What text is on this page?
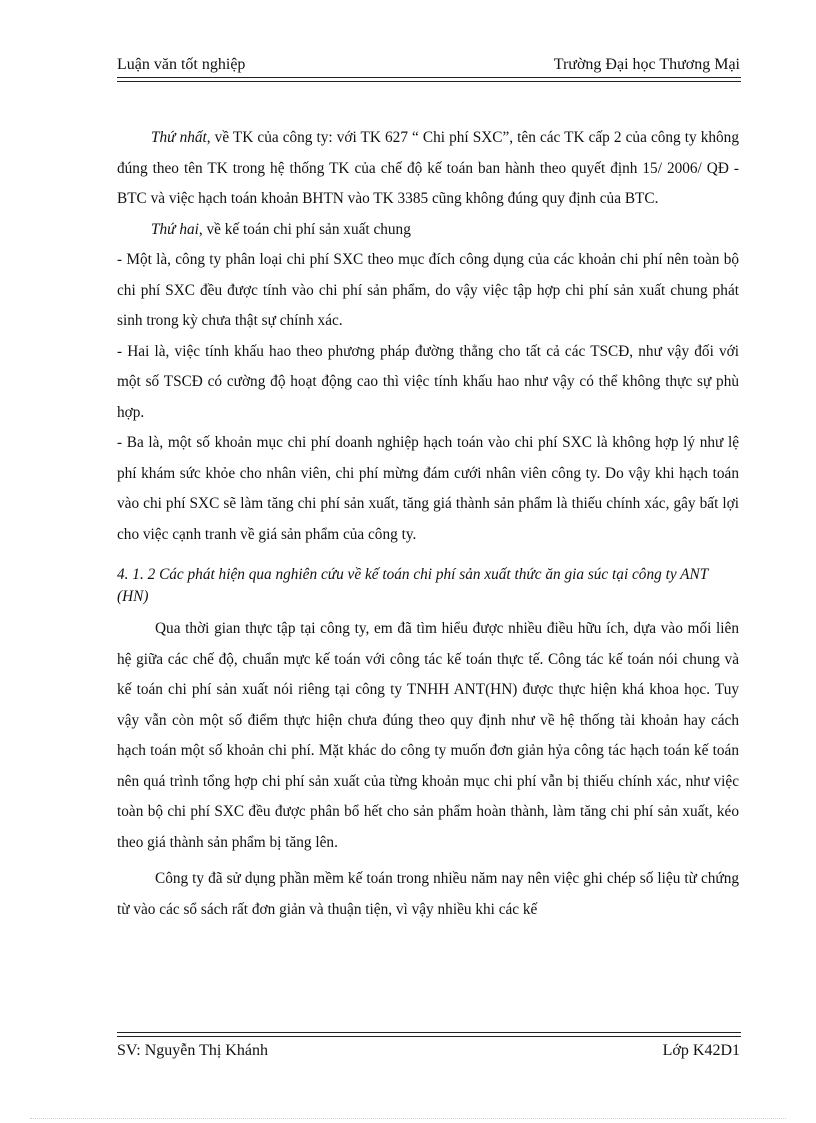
Luận văn tốt nghiệp	Trường Đại học Thương Mại

Thứ nhất, về TK của công ty: với TK 627 “ Chi phí SXC”, tên các TK cấp 2 của công ty không đúng theo tên TK trong hệ thống TK của chế độ kế toán ban hành theo quyết định 15/ 2006/ QĐ - BTC và việc hạch toán khoản BHTN vào TK 3385 cũng không đúng quy định của BTC.

Thứ hai, về kế toán chi phí sản xuất chung

- Một là, công ty phân loại chi phí SXC theo mục đích công dụng của các khoản chi phí nên toàn bộ chi phí SXC đều được tính vào chi phí sản phẩm, do vậy việc tập hợp chi phí sản xuất chung phát sinh trong kỳ chưa thật sự chính xác.

- Hai là, việc tính khấu hao theo phương pháp đường thẳng cho tất cả các TSCĐ, như vậy đối với một số TSCĐ có cường độ hoạt động cao thì việc tính khấu hao như vậy có thể không thực sự phù hợp.

- Ba là, một số khoản mục chi phí doanh nghiệp hạch toán vào chi phí SXC là không hợp lý như lệ phí khám sức khỏe cho nhân viên, chi phí mừng đám cưới nhân viên công ty. Do vậy khi hạch toán vào chi phí SXC sẽ làm tăng chi phí sản xuất, tăng giá thành sản phẩm là thiếu chính xác, gây bất lợi cho việc cạnh tranh về giá sản phẩm của công ty.

4. 1. 2 Các phát hiện qua nghiên cứu về kế toán chi phí sản xuất thức ăn gia súc tại công ty ANT (HN)

Qua thời gian thực tập tại công ty, em đã tìm hiểu được nhiều điều hữu ích, dựa vào mối liên hệ giữa các chế độ, chuẩn mực kế toán với công tác kế toán thực tế. Công tác kế toán nói chung và kế toán chi phí sản xuất nói riêng tại công ty TNHH ANT(HN) được thực hiện khá khoa học. Tuy vậy vẫn còn một số điểm thực hiện chưa đúng theo quy định như về hệ thống tài khoản hay cách hạch toán một số khoản chi phí. Mặt khác do công ty muốn đơn giản hỷa công tác hạch toán kế toán nên quá trình tổng hợp chi phí sản xuất của từng khoản mục chi phí vẫn bị thiếu chính xác, như việc toàn bộ chi phí SXC đều được phân bổ hết cho sản phẩm hoàn thành, làm tăng chi phí sản xuất, kéo theo giá thành sản phẩm bị tăng lên.

Công ty đã sử dụng phần mềm kế toán trong nhiều năm nay nên việc ghi chép số liệu từ chứng từ vào các sổ sách rất đơn giản và thuận tiện, vì vậy nhiều khi các kế

SV: Nguyễn Thị Khánh	Lớp K42D1
